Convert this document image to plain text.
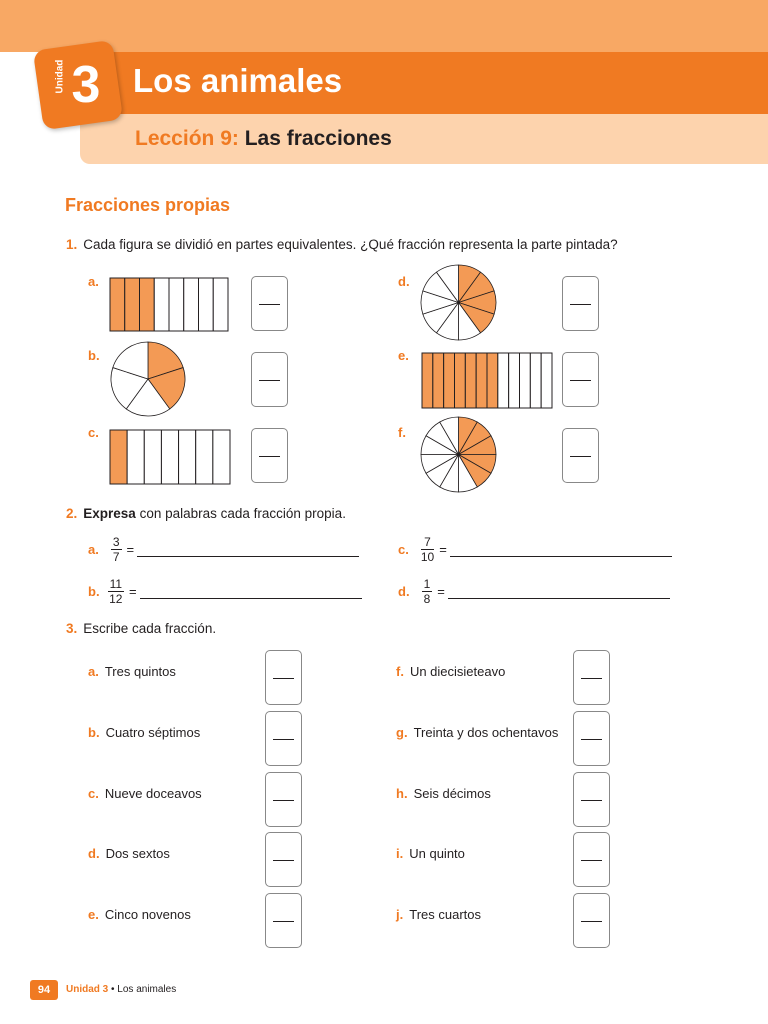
Unidad 3 Los animales
Lección 9: Las fracciones
Fracciones propias
1. Cada figura se dividió en partes equivalentes. ¿Qué fracción representa la parte pintada?
a.
b.
c.
d.
e.
f.
2. Expresa con palabras cada fracción propia.
a. $\frac{3}{7}$ =
b. $\frac{11}{12}$ =
c. $\frac{7}{10}$ =
d. $\frac{1}{8}$ =
3. Escribe cada fracción.
a. Tres quintos
b. Cuatro séptimos
c. Nueve doceavos
d. Dos sextos
e. Cinco novenos
f. Un diecisieteavo
g. Treinta y dos ochentavos
h. Seis décimos
i. Un quinto
j. Tres cuartos
94	Unidad 3 • Los animales
